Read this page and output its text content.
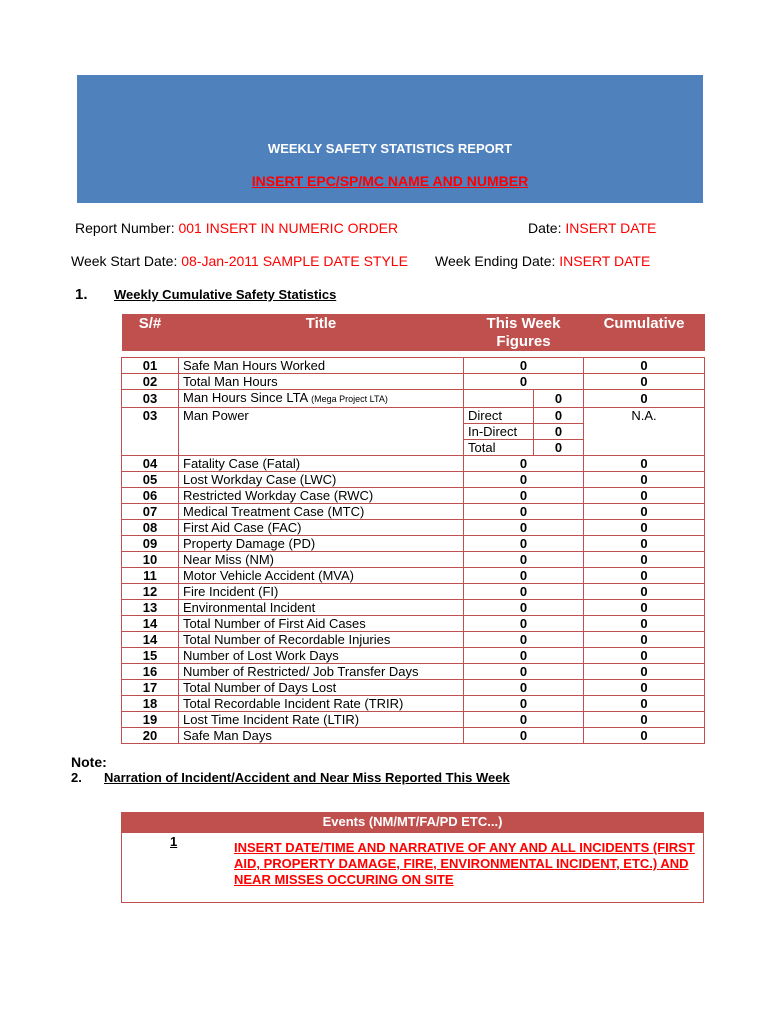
WEEKLY SAFETY STATISTICS REPORT
INSERT EPC/SP/MC NAME AND NUMBER
Report Number: 001 INSERT IN NUMERIC ORDER	Date: INSERT DATE
Week Start Date: 08-Jan-2011 SAMPLE DATE STYLE Week Ending Date: INSERT DATE
1. Weekly Cumulative Safety Statistics
S/#	Title	This Week Figures		Cumulative

01	Safe Man Hours Worked	0		0
02	Total Man Hours	0		0
03	Man Hours Since LTA (Mega Project LTA)		0	0
03	Man Power	Direct	0	N.A.
		In-Direct	0	
		Total	0	
04	Fatality Case (Fatal)	0		0
05	Lost Workday Case (LWC)	0		0
06	Restricted Workday Case (RWC)	0		0
07	Medical Treatment Case (MTC)	0		0
08	First Aid Case (FAC)	0		0
09	Property Damage (PD)	0		0
10	Near Miss (NM)	0		0
11	Motor Vehicle Accident (MVA)	0		0
12	Fire Incident (FI)	0		0
13	Environmental Incident	0		0
14	Total Number of First Aid Cases	0		0
14	Total Number of Recordable Injuries	0		0
15	Number of Lost Work Days	0		0
16	Number of Restricted/ Job Transfer Days	0		0
17	Total Number of Days Lost	0		0
18	Total Recordable Incident Rate (TRIR)	0		0
19	Lost Time Incident Rate (LTIR)	0		0
20	Safe Man Days	0		0
Note:
2. Narration of Incident/Accident and Near Miss Reported This Week
Events (NM/MT/FA/PD ETC...)
1	INSERT DATE/TIME AND NARRATIVE OF ANY AND ALL INCIDENTS (FIRST AID, PROPERTY DAMAGE, FIRE, ENVIRONMENTAL INCIDENT, ETC.) AND NEAR MISSES OCCURING ON SITE
